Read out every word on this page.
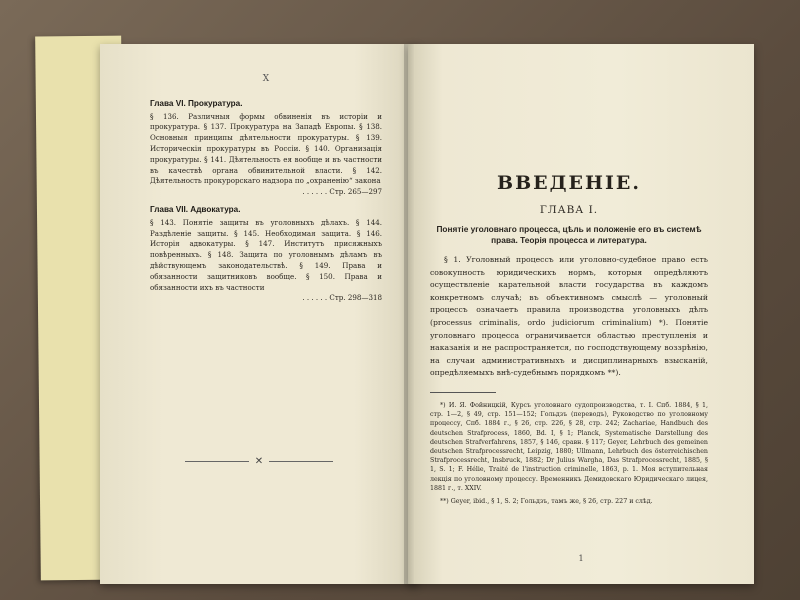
X
Глава VI. Прокуратура.

§ 136. Различныя формы обвиненія въ исторіи и прокуратура. § 137. Прокуратура на Западѣ Европы. § 138. Основныя принципы дѣятельности прокуратуры. § 139. Историческія прокуратуры въ Россіи. § 140. Организація прокуратуры. § 141. Дѣятельность ея вообще и въ частности въ качествѣ органа обвинительной власти. § 142. Дѣятельность прокурорскаго надзора по „охраненію“ закона
. . . . . . Стр. 265—297

Глава VII. Адвокатура.

§ 143. Понятіе защиты въ уголовныхъ дѣлахъ. § 144. Раздѣленіе защиты. § 145. Необходимая защита. § 146. Исторія адвокатуры. § 147. Институтъ присяжныхъ повѣренныхъ. § 148. Защита по уголовнымъ дѣламъ въ дѣйствующемъ законодательствѣ. § 149. Права и обязанности защитниковъ вообще. § 150. Права и обязанности ихъ въ частности
. . . . . . Стр. 298—318

✕
ВВЕДЕНІЕ.
ГЛАВА I.
Понятіе уголовнаго процесса, цѣль и положеніе его въ системѣ права. Теорія процесса и литература.

§ 1. Уголовный процессъ или уголовно-судебное право есть совокупность юридическихъ нормъ, которыя опредѣляютъ осуществленіе карательной власти государства въ каждомъ конкретномъ случаѣ; въ объективномъ смыслѣ — уголовный процессъ означаетъ правила производства уголовныхъ дѣлъ (processus criminalis, ordo judiciorum criminalium) *). Понятіе уголовнаго процесса ограничивается областью преступленія и наказанія и не распространяется, по господствующему воззрѣнію, на случаи административныхъ и дисциплинарныхъ взысканій, опредѣляемыхъ внѣ-судебнымъ порядкомъ **).

*) И. Я. Фойницкій, Курсъ уголовнаго судопроизводства, т. I. Спб. 1884, § 1, стр. 1—2, § 49, стр. 151—152; Гольдзъ (переводъ), Руководство по уголовному процессу, Спб. 1884 г., § 26, стр. 226, § 28, стр. 242; Zachariae, Handbuch des deutschen Strafprocess, 1860, Bd. I, § 1; Planck, Systematische Darstellung des deutschen Strafverfahrens, 1857, § 146, сравн. § 117; Geyer, Lehrbuch des gemeinen deutschen Strafprocessrecht, Leipzig, 1880; Ullmann, Lehrbuch des österreichischen Strafprocessrecht, Insbruck, 1882; Dr Julius Wargha, Das Strafprocessrecht, 1885, § 1, S. 1; F. Hélie, Traité de l'instruction criminelle, 1863, p. 1. Моя вступительная лекція по уголовному процессу. Временникъ Демидовскаго Юридическаго лицея, 1881 г., т. XXIV.

**) Geyer, ibid., § 1, S. 2; Гольдзъ, тамъ же, § 26, стр. 227 и слѣд.

1
